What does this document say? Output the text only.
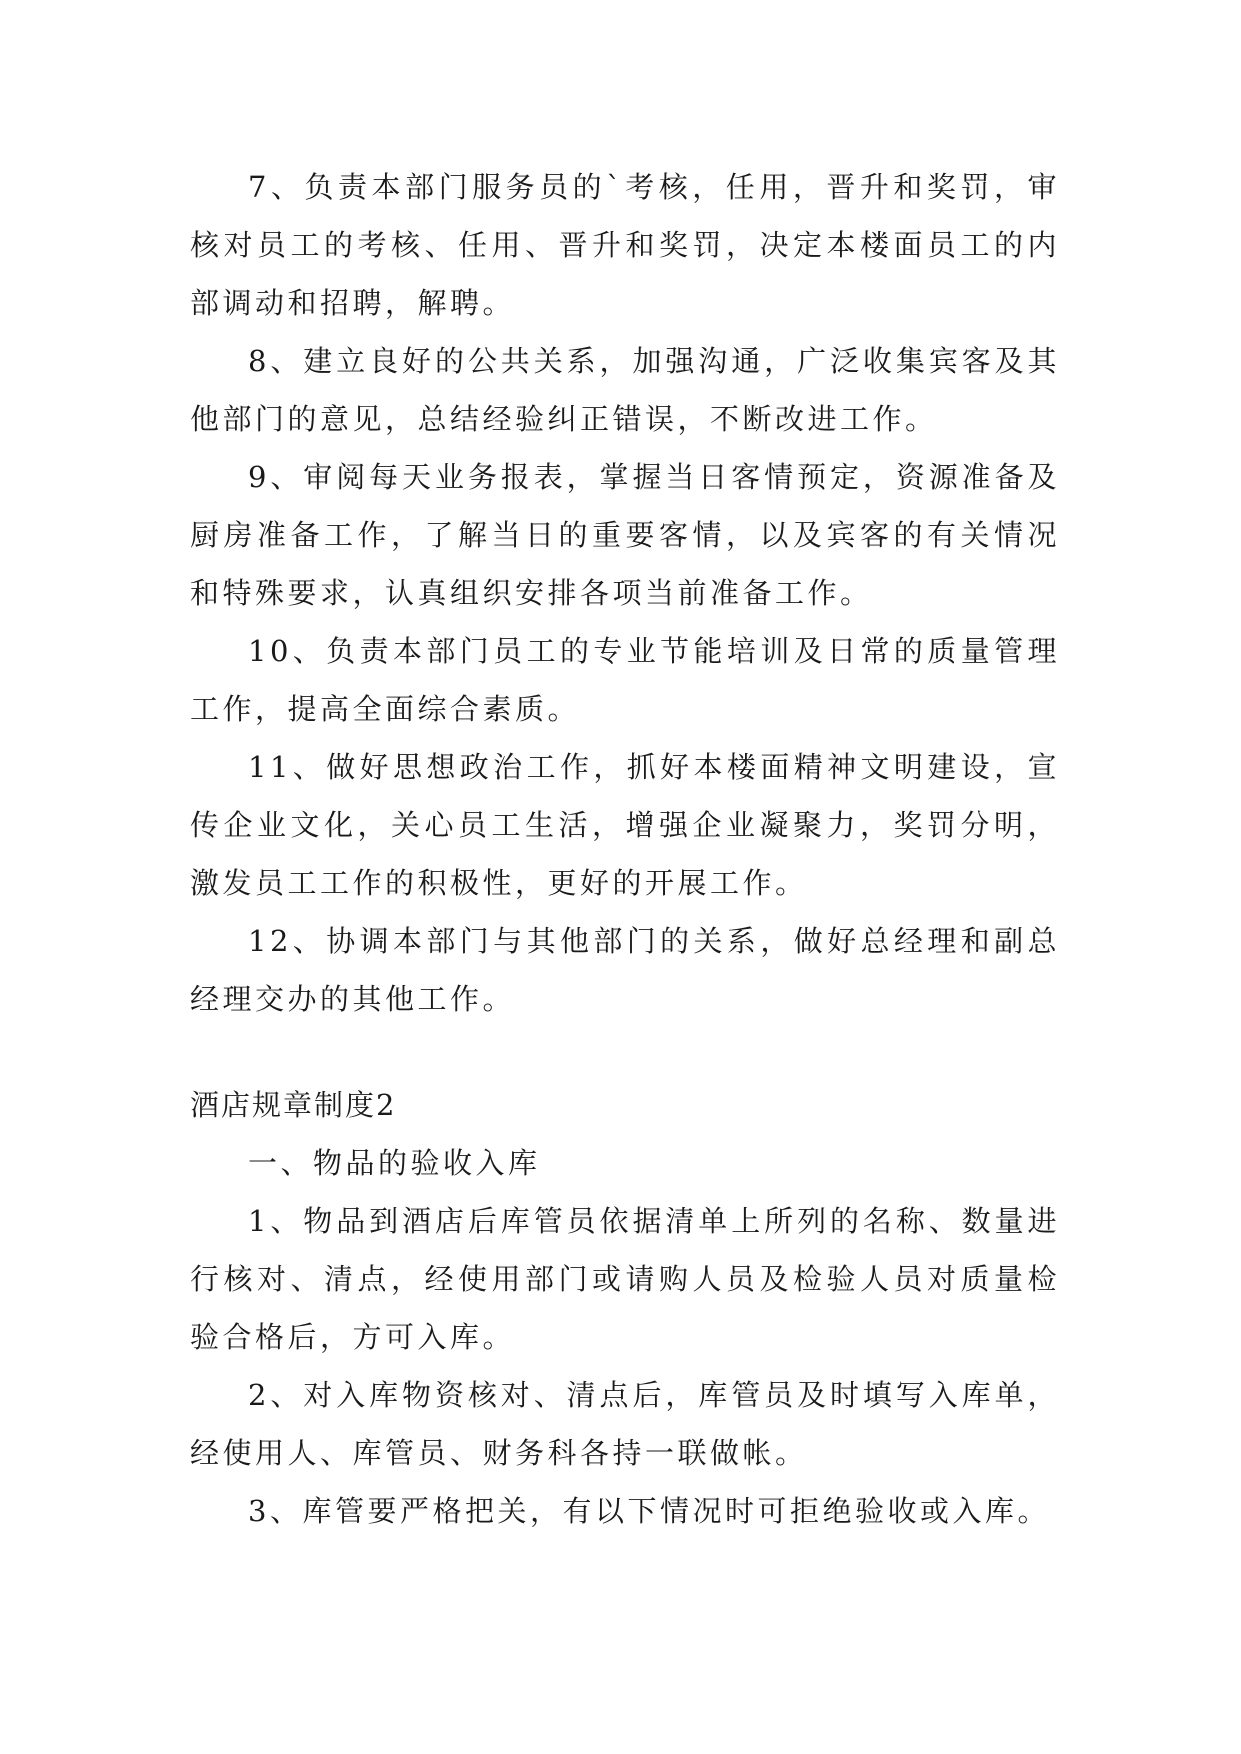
7、负责本部门服务员的`考核，任用，晋升和奖罚，审核对员工的考核、任用、晋升和奖罚，决定本楼面员工的内部调动和招聘，解聘。

8、建立良好的公共关系，加强沟通，广泛收集宾客及其他部门的意见，总结经验纠正错误，不断改进工作。

9、审阅每天业务报表，掌握当日客情预定，资源准备及厨房准备工作，了解当日的重要客情，以及宾客的有关情况和特殊要求，认真组织安排各项当前准备工作。

10、负责本部门员工的专业节能培训及日常的质量管理工作，提高全面综合素质。

11、做好思想政治工作，抓好本楼面精神文明建设，宣传企业文化，关心员工生活，增强企业凝聚力，奖罚分明，激发员工工作的积极性，更好的开展工作。

12、协调本部门与其他部门的关系，做好总经理和副总经理交办的其他工作。

酒店规章制度2

一、物品的验收入库

1、物品到酒店后库管员依据清单上所列的名称、数量进行核对、清点，经使用部门或请购人员及检验人员对质量检验合格后，方可入库。

2、对入库物资核对、清点后，库管员及时填写入库单，经使用人、库管员、财务科各持一联做帐。

3、库管要严格把关，有以下情况时可拒绝验收或入库。
